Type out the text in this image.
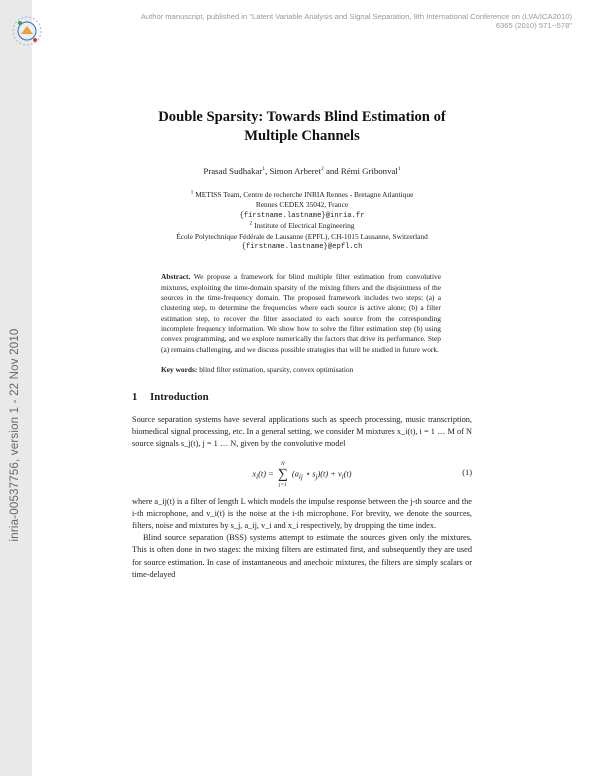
inria-00537756, version 1 - 22 Nov 2010
Author manuscript, published in "Latent Variable Analysis and Signal Separation, 9th International Conference on (LVA/ICA2010)
6365 (2010) 571--578"
Double Sparsity: Towards Blind Estimation of
Multiple Channels
Prasad Sudhakar$^1$, Simon Arberet$^2$ and Rémi Gribonval$^1$
$^1$ METISS Team, Centre de recherche INRIA Rennes - Bretagne Atlantique
Rennes CEDEX 35042, France
{firstname.lastname}@inria.fr
$^2$ Institute of Electrical Engineering
École Polytechnique Fédérale de Lausanne (EPFL), CH-1015 Lausanne, Switzerland
{firstname.lastname}@epfl.ch
Abstract. We propose a framework for blind multiple filter estimation from convolutive mixtures, exploiting the time-domain sparsity of the mixing filters and the disjointness of the sources in the time-frequency domain. The proposed framework includes two steps: (a) a clustering step, to determine the frequencies where each source is active alone; (b) a filter estimation step, to recover the filter associated to each source from the corresponding incomplete frequency information. We show how to solve the filter estimation step (b) using convex programming, and we explore numerically the factors that drive its performance. Step (a) remains challenging, and we discuss possible strategies that will be studied in future work.
Key words: blind filter estimation, sparsity, convex optimisation
1 Introduction
Source separation systems have several applications such as speech processing, music transcription, biomedical signal processing, etc. In a general setting, we consider M mixtures x_i(t), i = 1 … M of N source signals s_j(t), j = 1 … N, given by the convolutive model
$x_i(t)$ =
N
∑
j=1
($a_{ij}$ ⋆ $s_j)(t) + v_i(t)$	(1)
where a_ij(t) is a filter of length L which models the impulse response between the j-th source and the i-th microphone, and v_i(t) is the noise at the i-th microphone. For brevity, we denote the sources, filters, noise and mixtures by s_j, a_ij, v_i and x_i respectively, by dropping the time index.
Blind source separation (BSS) systems attempt to estimate the sources given only the mixtures. This is often done in two stages: the mixing filters are estimated first, and subsequently they are used for source estimation. In case of instantaneous and anechoic mixtures, the filters are simply scalars or time-delayed
